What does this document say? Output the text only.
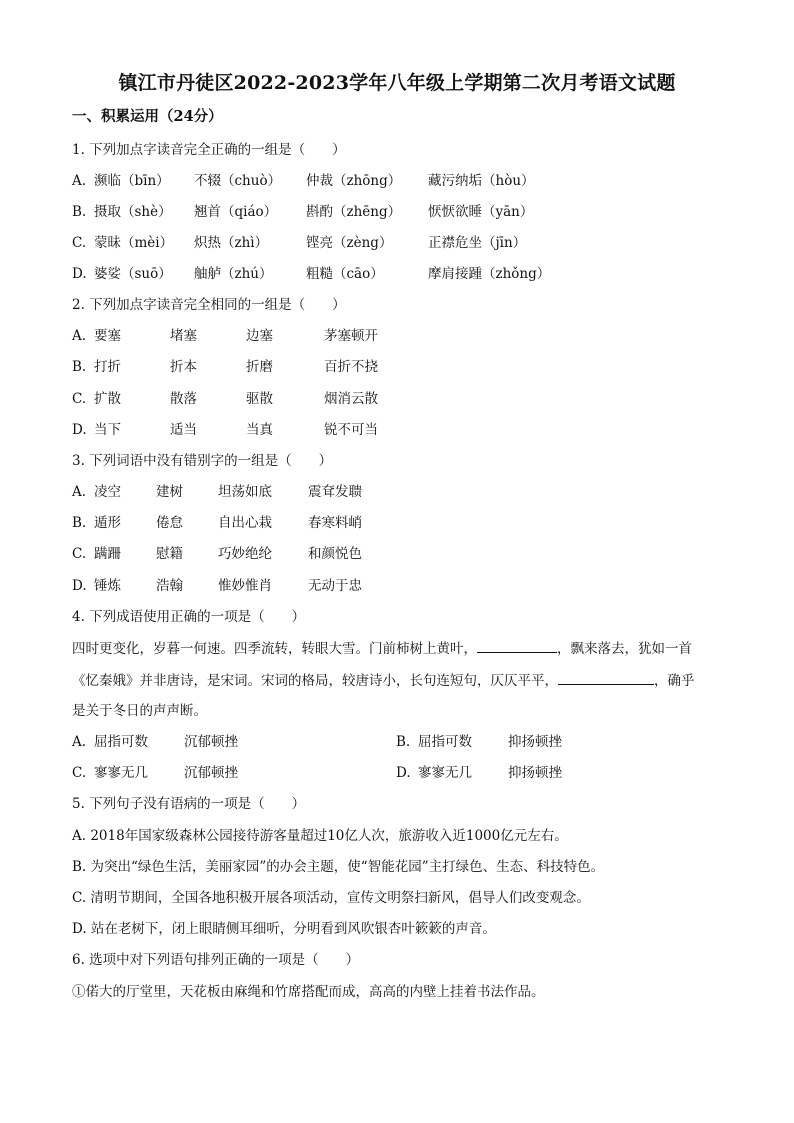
镇江市丹徒区2022-2023学年八年级上学期第二次月考语文试题
一、积累运用（24分）
1. 下列加点字读音完全正确的一组是（　　）
A. 濒临（bīn） 不辍（chuò） 仲裁（zhōng） 藏污纳垢（hòu）
B. 摄取（shè） 翘首（qiáo） 斟酌（zhēng） 恹恹欲睡（yān）
C. 蒙昧（mèi） 炽热（zhì）	铿亮（zèng）	正襟危坐（jīn）
D. 婆娑（suō） 舳舻（zhú） 粗糙（cāo）	摩肩接踵（zhǒng）
2. 下列加点字读音完全相同的一组是（　　）
A. 要塞	堵塞	边塞	茅塞顿开
B. 打折	折本	折磨	百折不挠
C. 扩散	散落	驱散	烟消云散
D. 当下	适当	当真	锐不可当
3. 下列词语中没有错别字的一组是（　　）
A. 凌空	建树	坦荡如底	震耷发聩
B. 遁形	倦怠	自出心栽	春寒料峭
C. 蹒跚	慰籍	巧妙绝纶	和颜悦色
D. 锤炼	浩翰	惟妙惟肖	无动于忠
4. 下列成语使用正确的一项是（　　）
四时更变化，岁暮一何速。四季流转，转眼大雪。门前柿树上黄叶，	，飘来落去，犹如一首
《忆秦娥》并非唐诗，是宋词。宋词的格局，较唐诗小，长句连短句，仄仄平平，	，确乎
是关于冬日的声声断。
A. 屈指可数	沉郁顿挫	B. 屈指可数	抑扬顿挫
C. 寥寥无几	沉郁顿挫	D. 寥寥无几	抑扬顿挫
5. 下列句子没有语病的一项是（　　）
A. 2018年国家级森林公园接待游客量超过10亿人次，旅游收入近1000亿元左右。
B. 为突出“绿色生活，美丽家园”的办会主题，使“智能花园”主打绿色、生态、科技特色。
C. 清明节期间，全国各地积极开展各项活动，宣传文明祭扫新风，倡导人们改变观念。
D. 站在老树下，闭上眼睛侧耳细听，分明看到风吹银杏叶簌簌的声音。
6. 选项中对下列语句排列正确的一项是（　　）
①偌大的厅堂里，天花板由麻绳和竹席搭配而成，高高的内壁上挂着书法作品。
